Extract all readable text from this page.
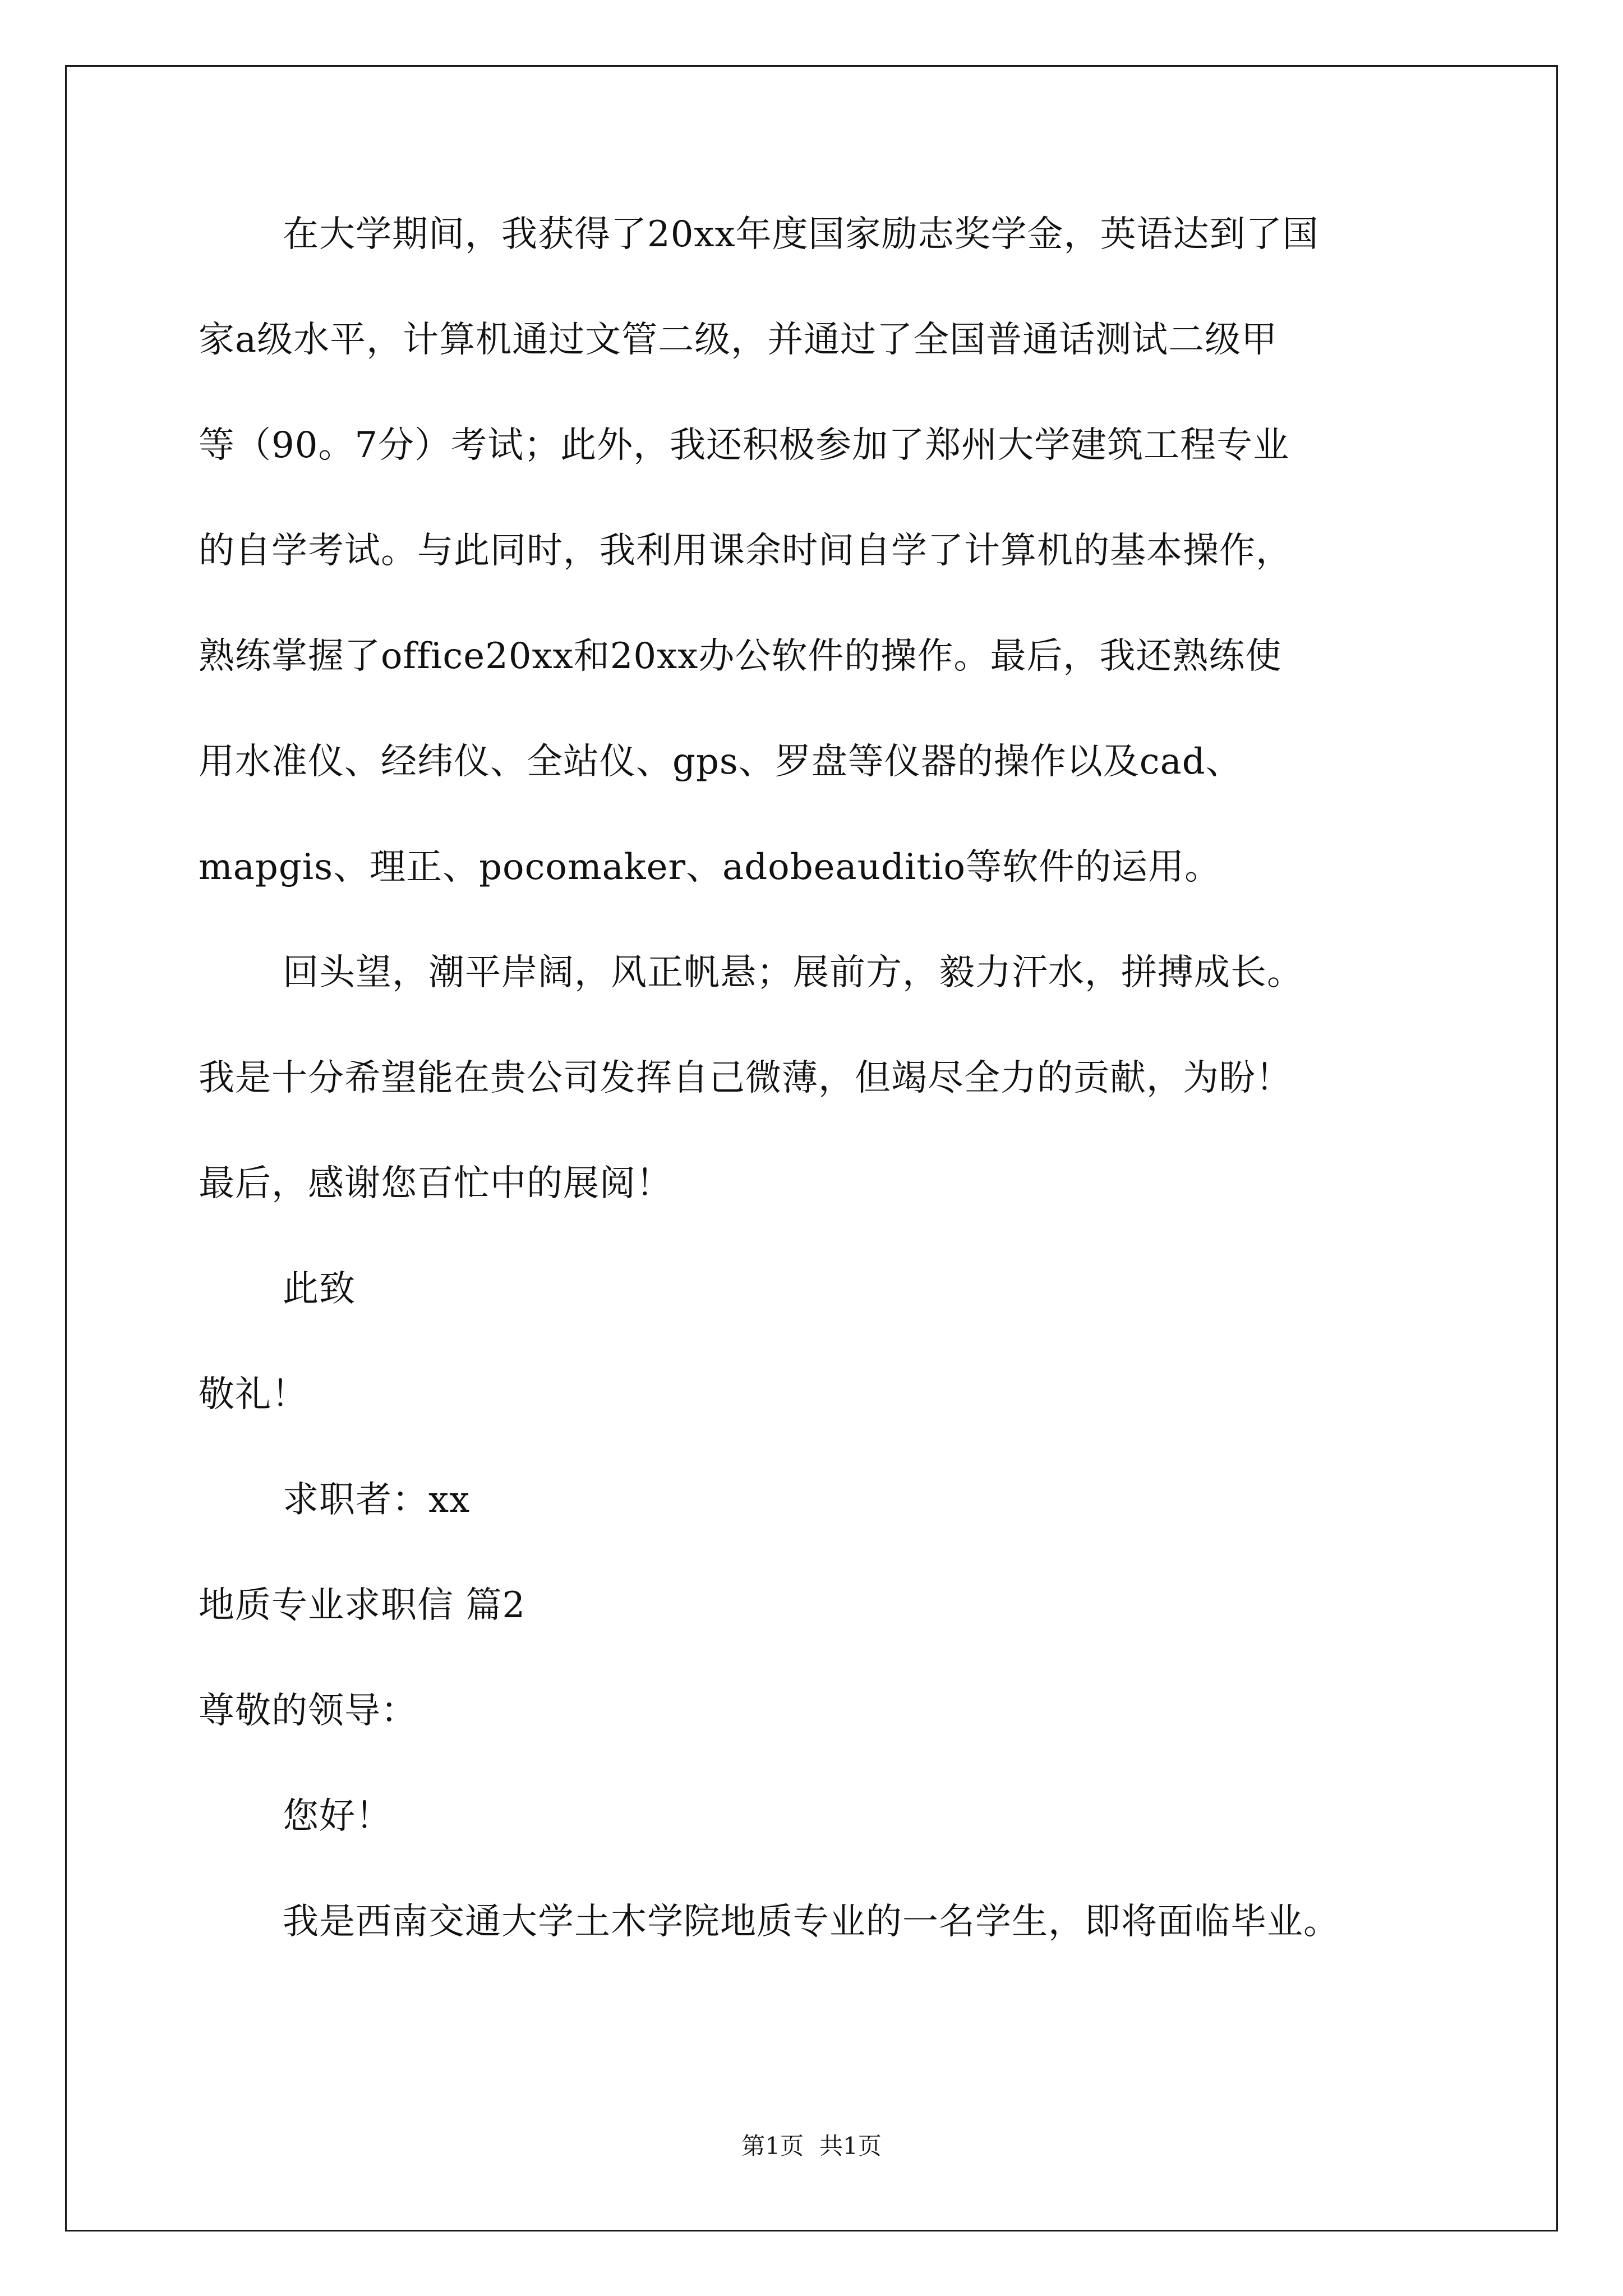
在大学期间，我获得了20xx年度国家励志奖学金，英语达到了国
家a级水平，计算机通过文管二级，并通过了全国普通话测试二级甲
等（90。7分）考试；此外，我还积极参加了郑州大学建筑工程专业
的自学考试。与此同时，我利用课余时间自学了计算机的基本操作，
熟练掌握了office20xx和20xx办公软件的操作。最后，我还熟练使
用水准仪、经纬仪、全站仪、gps、罗盘等仪器的操作以及cad、
mapgis、理正、pocomaker、adobeauditio等软件的运用。
回头望，潮平岸阔，风正帆悬；展前方，毅力汗水，拼搏成长。
我是十分希望能在贵公司发挥自己微薄，但竭尽全力的贡献，为盼！
最后，感谢您百忙中的展阅！
此致
敬礼！
求职者：xx
地质专业求职信 篇2
尊敬的领导：
您好！
我是西南交通大学土木学院地质专业的一名学生，即将面临毕业。
第1页 共1页
